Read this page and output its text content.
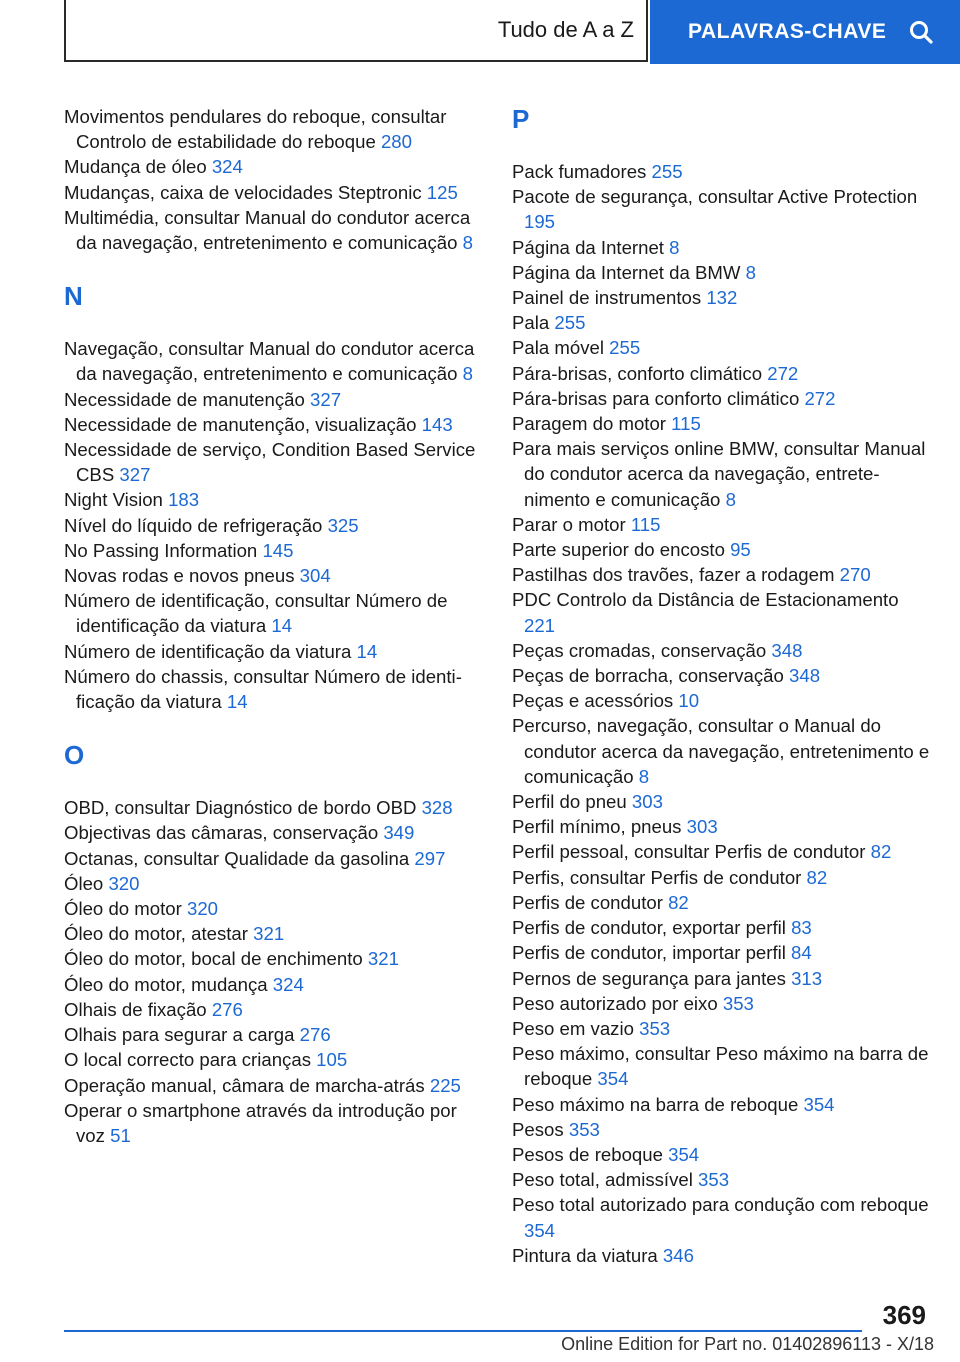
Tudo de A a Z	PALAVRAS-CHAVE
Movimentos pendulares do reboque, consultar Controlo de estabilidade do reboque 280
Mudança de óleo 324
Mudanças, caixa de velocidades Steptronic 125
Multimédia, consultar Manual do condutor acerca da navegação, entretenimento e comunicação 8
N
Navegação, consultar Manual do condutor acerca da navegação, entretenimento e comunicação 8
Necessidade de manutenção 327
Necessidade de manutenção, visualização 143
Necessidade de serviço, Condition Based Service CBS 327
Night Vision 183
Nível do líquido de refrigeração 325
No Passing Information 145
Novas rodas e novos pneus 304
Número de identificação, consultar Número de identificação da viatura 14
Número de identificação da viatura 14
Número do chassis, consultar Número de identificação da viatura 14
O
OBD, consultar Diagnóstico de bordo OBD 328
Objectivas das câmaras, conservação 349
Octanas, consultar Qualidade da gasolina 297
Óleo 320
Óleo do motor 320
Óleo do motor, atestar 321
Óleo do motor, bocal de enchimento 321
Óleo do motor, mudança 324
Olhais de fixação 276
Olhais para segurar a carga 276
O local correcto para crianças 105
Operação manual, câmara de marcha-atrás 225
Operar o smartphone através da introdução por voz 51
P
Pack fumadores 255
Pacote de segurança, consultar Active Protection 195
Página da Internet 8
Página da Internet da BMW 8
Painel de instrumentos 132
Pala 255
Pala móvel 255
Pára-brisas, conforto climático 272
Pára-brisas para conforto climático 272
Paragem do motor 115
Para mais serviços online BMW, consultar Manual do condutor acerca da navegação, entretenimento e comunicação 8
Parar o motor 115
Parte superior do encosto 95
Pastilhas dos travões, fazer a rodagem 270
PDC Controlo da Distância de Estacionamento 221
Peças cromadas, conservação 348
Peças de borracha, conservação 348
Peças e acessórios 10
Percurso, navegação, consultar o Manual do condutor acerca da navegação, entretenimento e comunicação 8
Perfil do pneu 303
Perfil mínimo, pneus 303
Perfil pessoal, consultar Perfis de condutor 82
Perfis, consultar Perfis de condutor 82
Perfis de condutor 82
Perfis de condutor, exportar perfil 83
Perfis de condutor, importar perfil 84
Pernos de segurança para jantes 313
Peso autorizado por eixo 353
Peso em vazio 353
Peso máximo, consultar Peso máximo na barra de reboque 354
Peso máximo na barra de reboque 354
Pesos 353
Pesos de reboque 354
Peso total, admissível 353
Peso total autorizado para condução com reboque 354
Pintura da viatura 346
369
Online Edition for Part no. 01402896113 - X/18
